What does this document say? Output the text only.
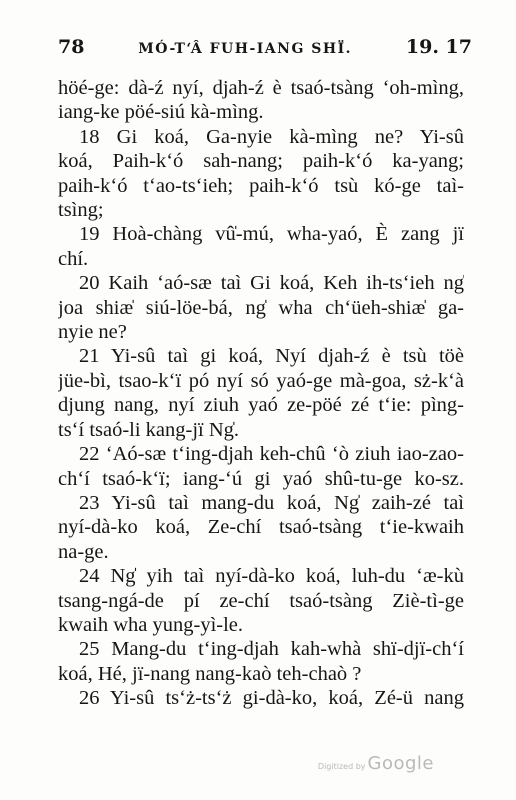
78	MÓ-T‘Â FUH-IANG SHÏ.	19. 17
höé-ge: dà-ź nyí, djah-ź è tsaó-tsàng ‘oh-mìng,
iang-ke pöé-siú kà-mìng.
18 Gi koá, Ga-nyie kà-mìng ne? Yi-sû
koá, Paih-k‘ó sah-nang; paih-k‘ó ka-yang;
paih-k‘ó t‘ao-ts‘ieh; paih-k‘ó tsù kó-ge taì-
tsìng;
19 Hoà-chàng vû̍-mú, wha-yaó, È zang jï
chí.
20 Kaih ‘aó-sæ taì Gi koá, Keh ih-ts‘ieh ng̍
joa shiæ̍ siú-löe-bá, ng̍ wha ch‘üeh-shiæ̍ ga-
nyie ne?
21 Yi-sû taì gi koá, Nyí djah-ź è tsù töè
jüe-bì, tsao-k‘ï pó nyí só yaó-ge mà-goa, sż-k‘à
djung nang, nyí ziuh yaó ze-pöé zé t‘ie: pìng-
ts‘í tsaó-li kang-jï Ng̍.
22 ‘Aó-sæ t‘ing-djah keh-chû ‘ò ziuh iao-zao-
ch‘í tsaó-k‘ï; iang-‘ú gi yaó shû-tu-ge ko-sz.
23 Yi-sû taì mang-du koá, Ng̍ zaih-zé taì
nyí-dà-ko koá, Ze-chí tsaó-tsàng t‘ie-kwaih
na-ge.
24 Ng̍ yih taì nyí-dà-ko koá, luh-du ‘æ-kù
tsang-ngá-de pí ze-chí tsaó-tsàng Ziè-tì-ge
kwaih wha yung-yì-le.
25 Mang-du t‘ing-djah kah-whà shï-djï-ch‘í
koá, Hé, jï-nang nang-kaò teh-chaò ?
26 Yi-sû ts‘ż-ts‘ż gi-dà-ko, koá, Zé-ü nang
Digitized by Google
